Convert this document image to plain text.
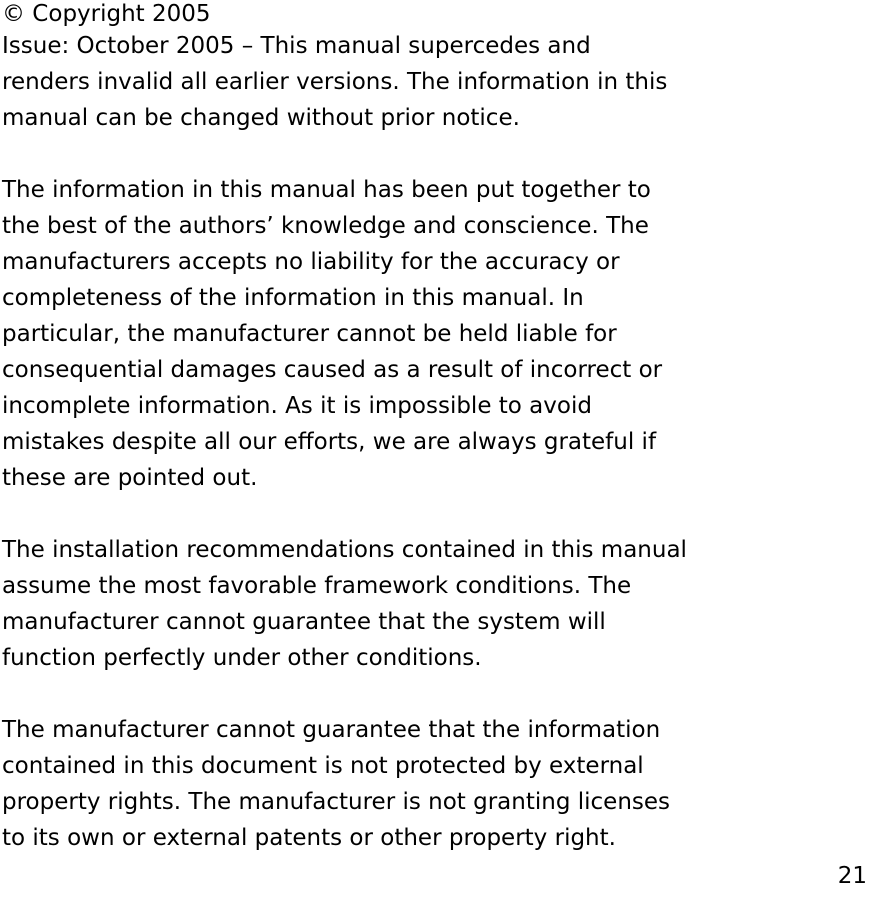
© Copyright 2005
Issue: October 2005 – This manual supercedes and
renders invalid all earlier versions. The information in this
manual can be changed without prior notice.
The information in this manual has been put together to
the best of the authors’ knowledge and conscience. The
manufacturers accepts no liability for the accuracy or
completeness of the information in this manual. In
particular, the manufacturer cannot be held liable for
consequential damages caused as a result of incorrect or
incomplete information. As it is impossible to avoid
mistakes despite all our efforts, we are always grateful if
these are pointed out.
The installation recommendations contained in this manual
assume the most favorable framework conditions. The
manufacturer cannot guarantee that the system will
function perfectly under other conditions.
The manufacturer cannot guarantee that the information
contained in this document is not protected by external
property rights. The manufacturer is not granting licenses
to its own or external patents or other property right.
21
